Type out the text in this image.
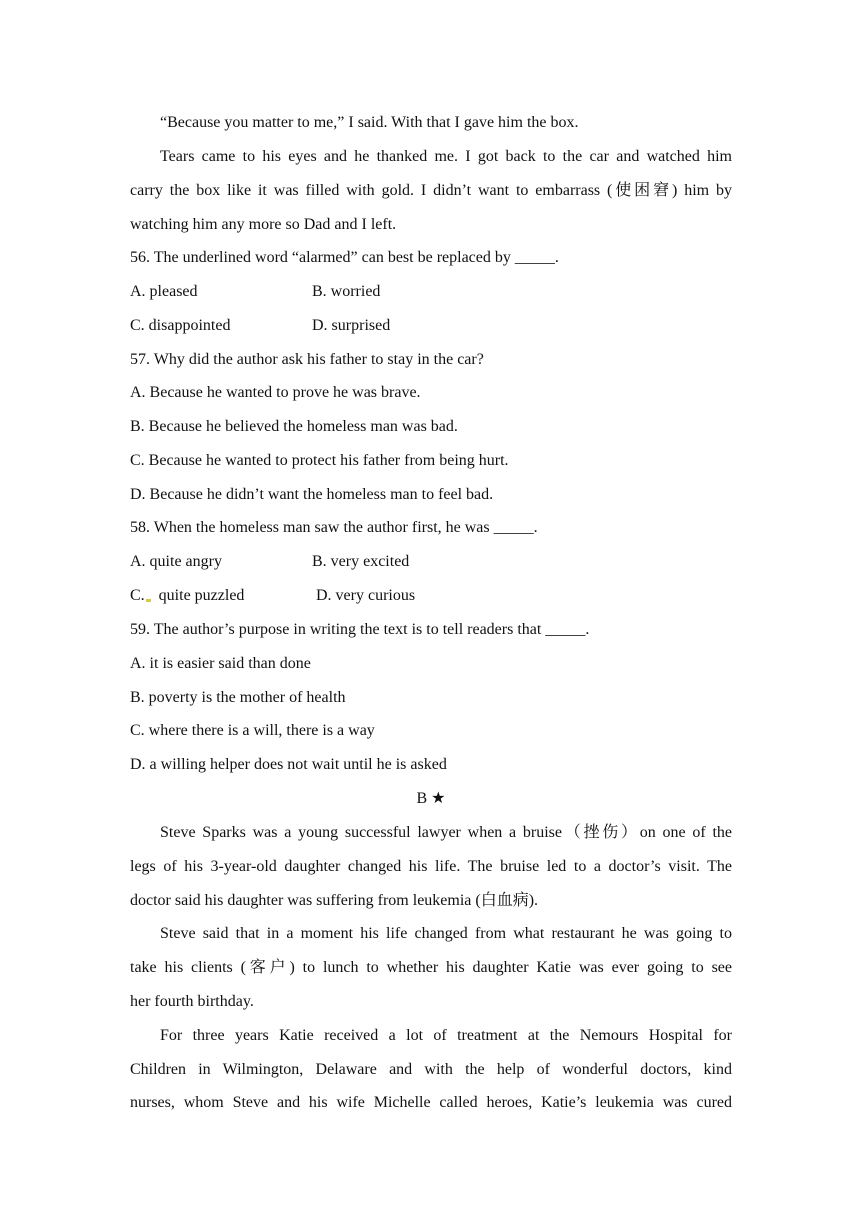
“Because you matter to me,” I said. With that I gave him the box.
Tears came to his eyes and he thanked me. I got back to the car and watched him
carry the box like it was filled with gold. I didn’t want to embarrass (使困窘) him by
watching him any more so Dad and I left.
56. The underlined word “alarmed” can best be replaced by _____.
A. pleased	B. worried
C. disappointed	D. surprised
57. Why did the author ask his father to stay in the car?
A. Because he wanted to prove he was brave.
B. Because he believed the homeless man was bad.
C. Because he wanted to protect his father from being hurt.
D. Because he didn’t want the homeless man to feel bad.
58. When the homeless man saw the author first, he was _____.
A. quite angry	B. very excited
C. quite puzzled	D. very curious
59. The author’s purpose in writing the text is to tell readers that _____.
A. it is easier said than done
B. poverty is the mother of health
C. where there is a will, there is a way
D. a willing helper does not wait until he is asked
B ★
Steve Sparks was a young successful lawyer when a bruise（挫伤）on one of the
legs of his 3-year-old daughter changed his life. The bruise led to a doctor’s visit. The
doctor said his daughter was suffering from leukemia (白血病).
Steve said that in a moment his life changed from what restaurant he was going to
take his clients (客户) to lunch to whether his daughter Katie was ever going to see
her fourth birthday.
For three years Katie received a lot of treatment at the Nemours Hospital for
Children in Wilmington, Delaware and with the help of wonderful doctors, kind
nurses, whom Steve and his wife Michelle called heroes, Katie’s leukemia was cured
